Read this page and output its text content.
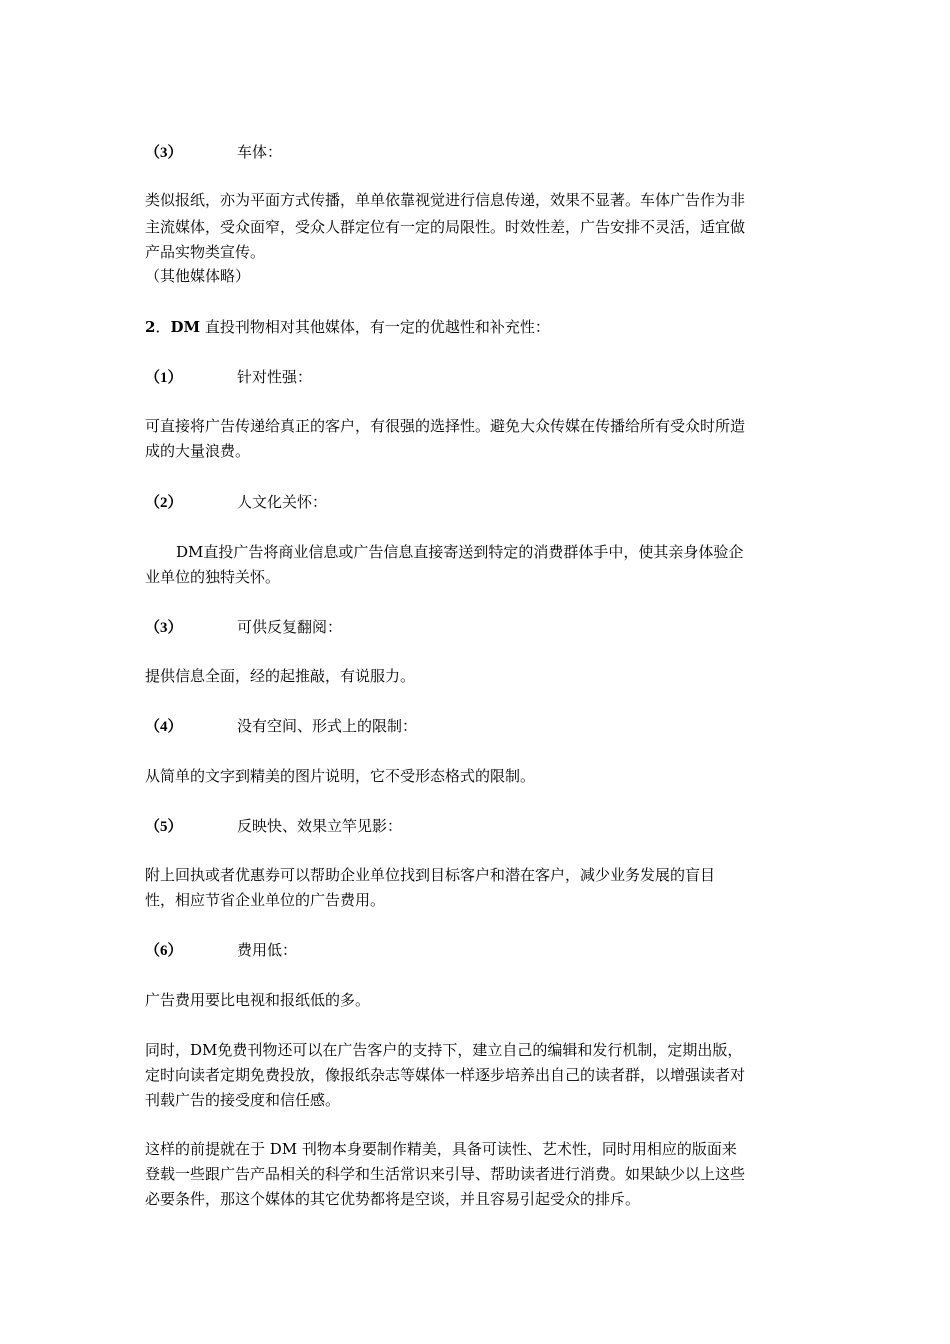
（3）	车体：
类似报纸，亦为平面方式传播，单单依靠视觉进行信息传递，效果不显著。车体广告作为非
主流媒体，受众面窄，受众人群定位有一定的局限性。时效性差，广告安排不灵活，适宜做
产品实物类宣传。
（其他媒体略）
2．DM 直投刊物相对其他媒体，有一定的优越性和补充性：
（1）	针对性强：
可直接将广告传递给真正的客户，有很强的选择性。避免大众传媒在传播给所有受众时所造
成的大量浪费。
（2）	人文化关怀：
DM直投广告将商业信息或广告信息直接寄送到特定的消费群体手中，使其亲身体验企
业单位的独特关怀。
（3）	可供反复翻阅：
提供信息全面，经的起推敲，有说服力。
（4）	没有空间、形式上的限制：
从简单的文字到精美的图片说明，它不受形态格式的限制。
（5）	反映快、效果立竿见影：
附上回执或者优惠券可以帮助企业单位找到目标客户和潜在客户，减少业务发展的盲目
性，相应节省企业单位的广告费用。
（6）	费用低：
广告费用要比电视和报纸低的多。
同时，DM免费刊物还可以在广告客户的支持下，建立自己的编辑和发行机制，定期出版，
定时向读者定期免费投放，像报纸杂志等媒体一样逐步培养出自己的读者群，以增强读者对
刊载广告的接受度和信任感。
这样的前提就在于 DM 刊物本身要制作精美，具备可读性、艺术性，同时用相应的版面来
登载一些跟广告产品相关的科学和生活常识来引导、帮助读者进行消费。如果缺少以上这些
必要条件，那这个媒体的其它优势都将是空谈，并且容易引起受众的排斥。
